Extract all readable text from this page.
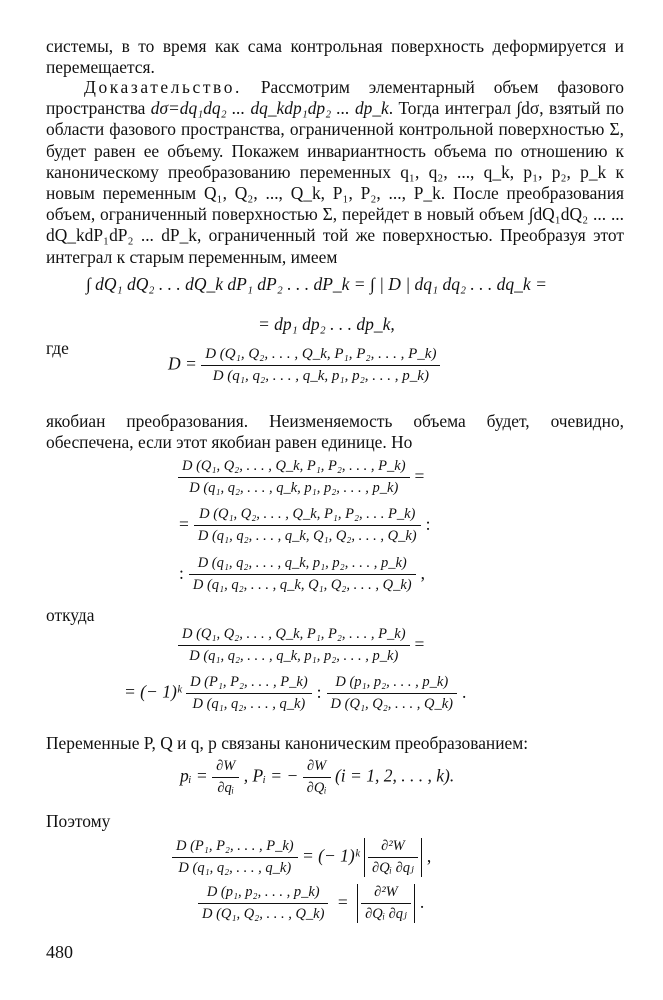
системы, в то время как сама контрольная поверхность деформируется и перемещается.
Доказательство. Рассмотрим элементарный объем фазового пространства dσ=dq₁dq₂ ... dq_kdp₁dp₂ ... dp_k. Тогда интеграл ∫dσ, взятый по области фазового пространства, ограниченной контрольной поверхностью Σ, будет равен ее объему. Покажем инвариантность объема по отношению к каноническому преобразованию переменных q₁, q₂, ..., q_k, p₁, p₂, p_k к новым переменным Q₁, Q₂, ..., Q_k, P₁, P₂, ..., P_k. После преобразования объем, ограниченный поверхностью Σ, перейдет в новый объем ∫dQ₁dQ₂ ... ... dQ_kdP₁dP₂ ... dP_k, ограниченный той же поверхностью. Преобразуя этот интеграл к старым переменным, имеем
∫ dQ₁ dQ₂ . . . dQ_k dP₁ dP₂ . . . dP_k = ∫ | D | dq₁ dq₂ . . . dq_k =
= dp₁ dp₂ . . . dp_k,
где
$D = \frac{\text{D (Q₁, Q₂, . . . , Q\_k, P₁, P₂, . . . , P\_k)}}{\text{D (q₁, q₂, . . . , q\_k, p₁, p₂, . . . , p\_k)}}$
якобиан преобразования. Неизменяемость объема будет, очевидно, обеспечена, если этот якобиан равен единице. Но
$\frac{\text{D (Q₁, Q₂, . . . , Q\_k, P₁, P₂, . . . , P\_k)}}{\text{D (q₁, q₂, . . . , q\_k, p₁, p₂, . . . , p\_k)}}$ =
= $\frac{\text{D (Q₁, Q₂, . . . , Q\_k, P₁, P₂, . . . P\_k)}}{\text{D (q₁, q₂, . . . , q\_k, Q₁, Q₂, . . . , Q\_k)}}$ :
: $\frac{\text{D (q₁, q₂, . . . , q\_k, p₁, p₂, . . . , p\_k)}}{\text{D (q₁, q₂, . . . , q\_k, Q₁, Q₂, . . . , Q\_k)}}$ ,
откуда
$\frac{\text{D (Q₁, Q₂, . . . , Q\_k, P₁, P₂, . . . , P\_k)}}{\text{D (q₁, q₂, . . . , q\_k, p₁, p₂, . . . , p\_k)}}$ =
= (− 1)ᵏ $\frac{\text{D (P₁, P₂, . . . , P\_k)}}{\text{D (q₁, q₂, . . . , q\_k)}}$ : $\frac{\text{D (p₁, p₂, . . . , p\_k)}}{\text{D (Q₁, Q₂, . . . , Q\_k)}}$ .
Переменные P, Q и q, p связаны каноническим преобразованием:
pᵢ = $\frac{\partial W}{\text{∂qᵢ}}$ , Pᵢ = − $\frac{\partial W}{\text{∂Qᵢ}} (i = 1$, 2, . . . , k).
Поэтому
$\frac{\text{D (P₁, P₂, . . . , P\_k)}}{\text{D (q₁, q₂, . . . , q\_k)}}$ = (− 1)ᵏ $\frac{\text{∂²W}}{\text{∂Qᵢ ∂qⱼ}}$ ,
$\frac{\text{D (p₁, p₂, . . . , p\_k)}}{\text{D (Q₁, Q₂, . . . , Q\_k)}} = \frac{\text{∂²W}}{\text{∂Qᵢ ∂qⱼ}}$ .
480
